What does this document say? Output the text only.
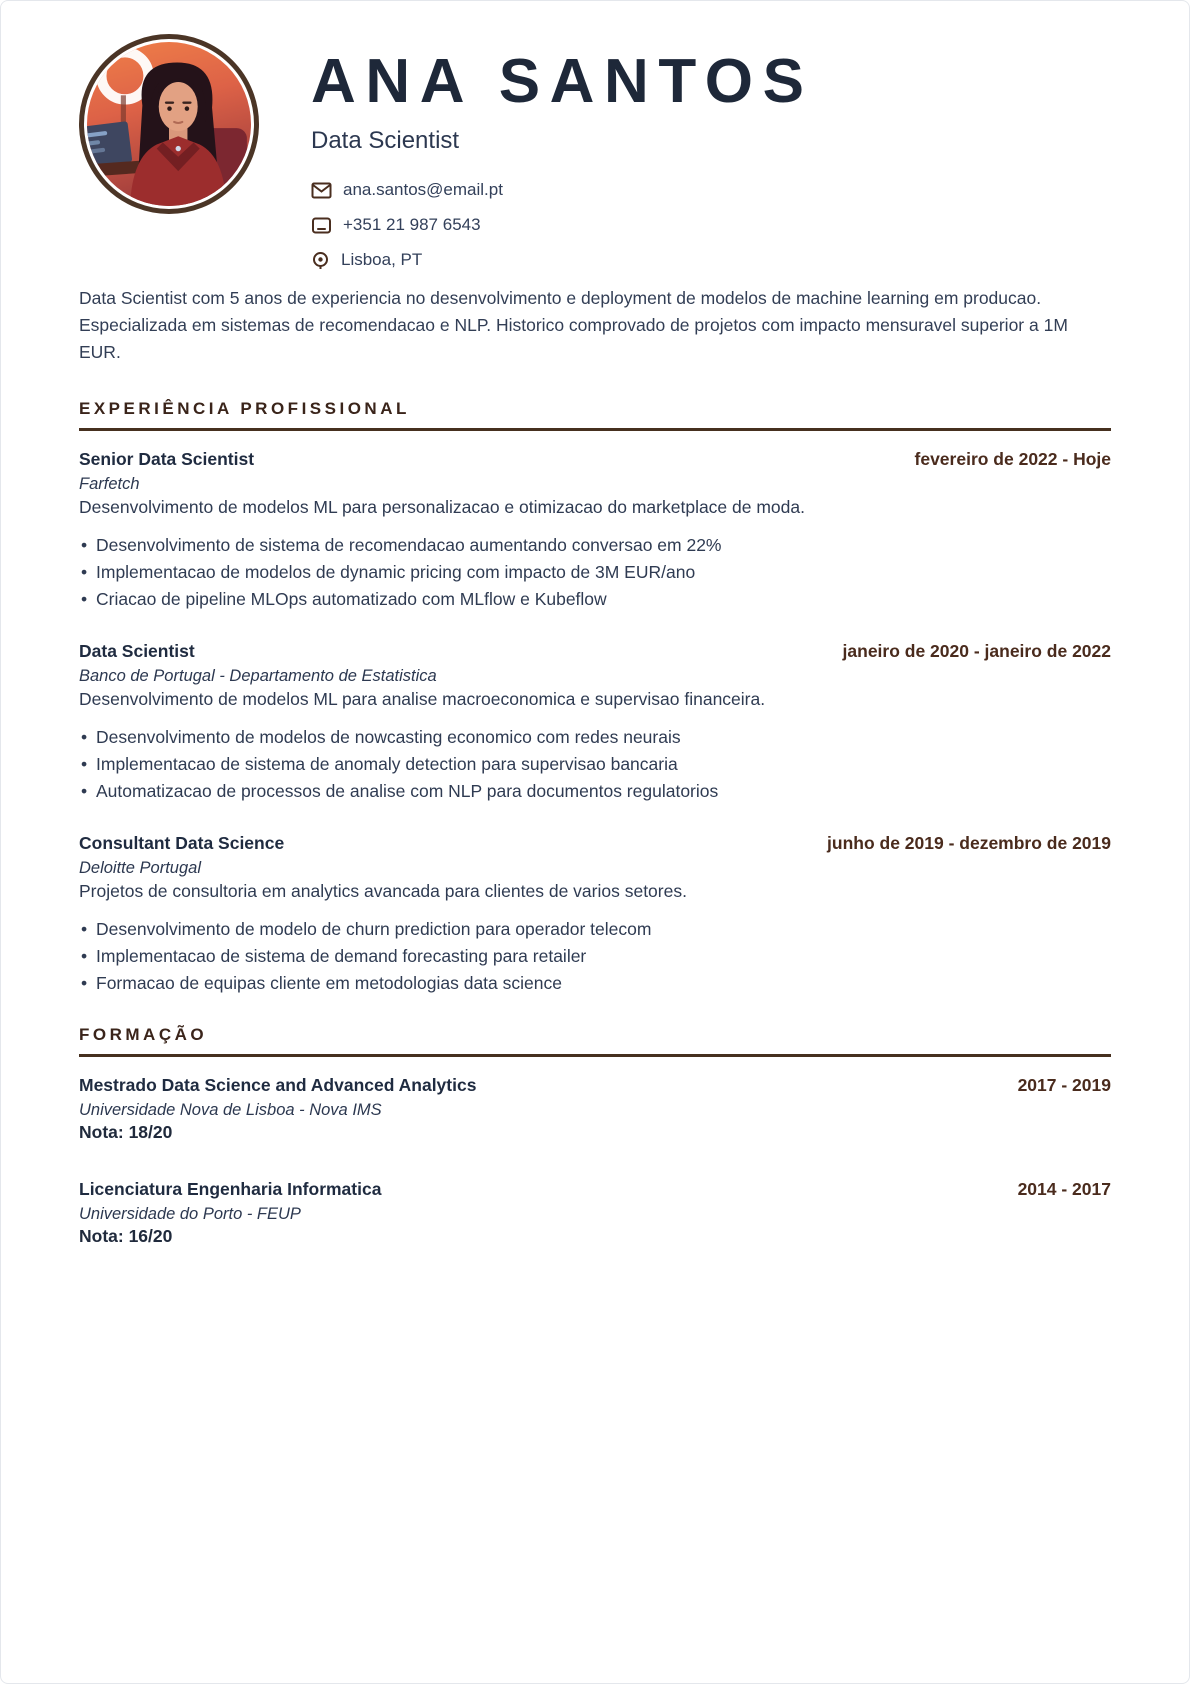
ANA SANTOS
Data Scientist
ana.santos@email.pt
+351 21 987 6543
Lisboa, PT

Data Scientist com 5 anos de experiencia no desenvolvimento e deployment de modelos de machine learning em producao. Especializada em sistemas de recomendacao e NLP. Historico comprovado de projetos com impacto mensuravel superior a 1M EUR.

EXPERIÊNCIA PROFISSIONAL
Senior Data Scientist	fevereiro de 2022 - Hoje
Farfetch
Desenvolvimento de modelos ML para personalizacao e otimizacao do marketplace de moda.
• Desenvolvimento de sistema de recomendacao aumentando conversao em 22%
• Implementacao de modelos de dynamic pricing com impacto de 3M EUR/ano
• Criacao de pipeline MLOps automatizado com MLflow e Kubeflow
Data Scientist	janeiro de 2020 - janeiro de 2022
Banco de Portugal - Departamento de Estatistica
Desenvolvimento de modelos ML para analise macroeconomica e supervisao financeira.
• Desenvolvimento de modelos de nowcasting economico com redes neurais
• Implementacao de sistema de anomaly detection para supervisao bancaria
• Automatizacao de processos de analise com NLP para documentos regulatorios
Consultant Data Science	junho de 2019 - dezembro de 2019
Deloitte Portugal
Projetos de consultoria em analytics avancada para clientes de varios setores.
• Desenvolvimento de modelo de churn prediction para operador telecom
• Implementacao de sistema de demand forecasting para retailer
• Formacao de equipas cliente em metodologias data science
FORMAÇÃO
Mestrado Data Science and Advanced Analytics	2017 - 2019
Universidade Nova de Lisboa - Nova IMS
Nota: 18/20
Licenciatura Engenharia Informatica	2014 - 2017
Universidade do Porto - FEUP
Nota: 16/20
